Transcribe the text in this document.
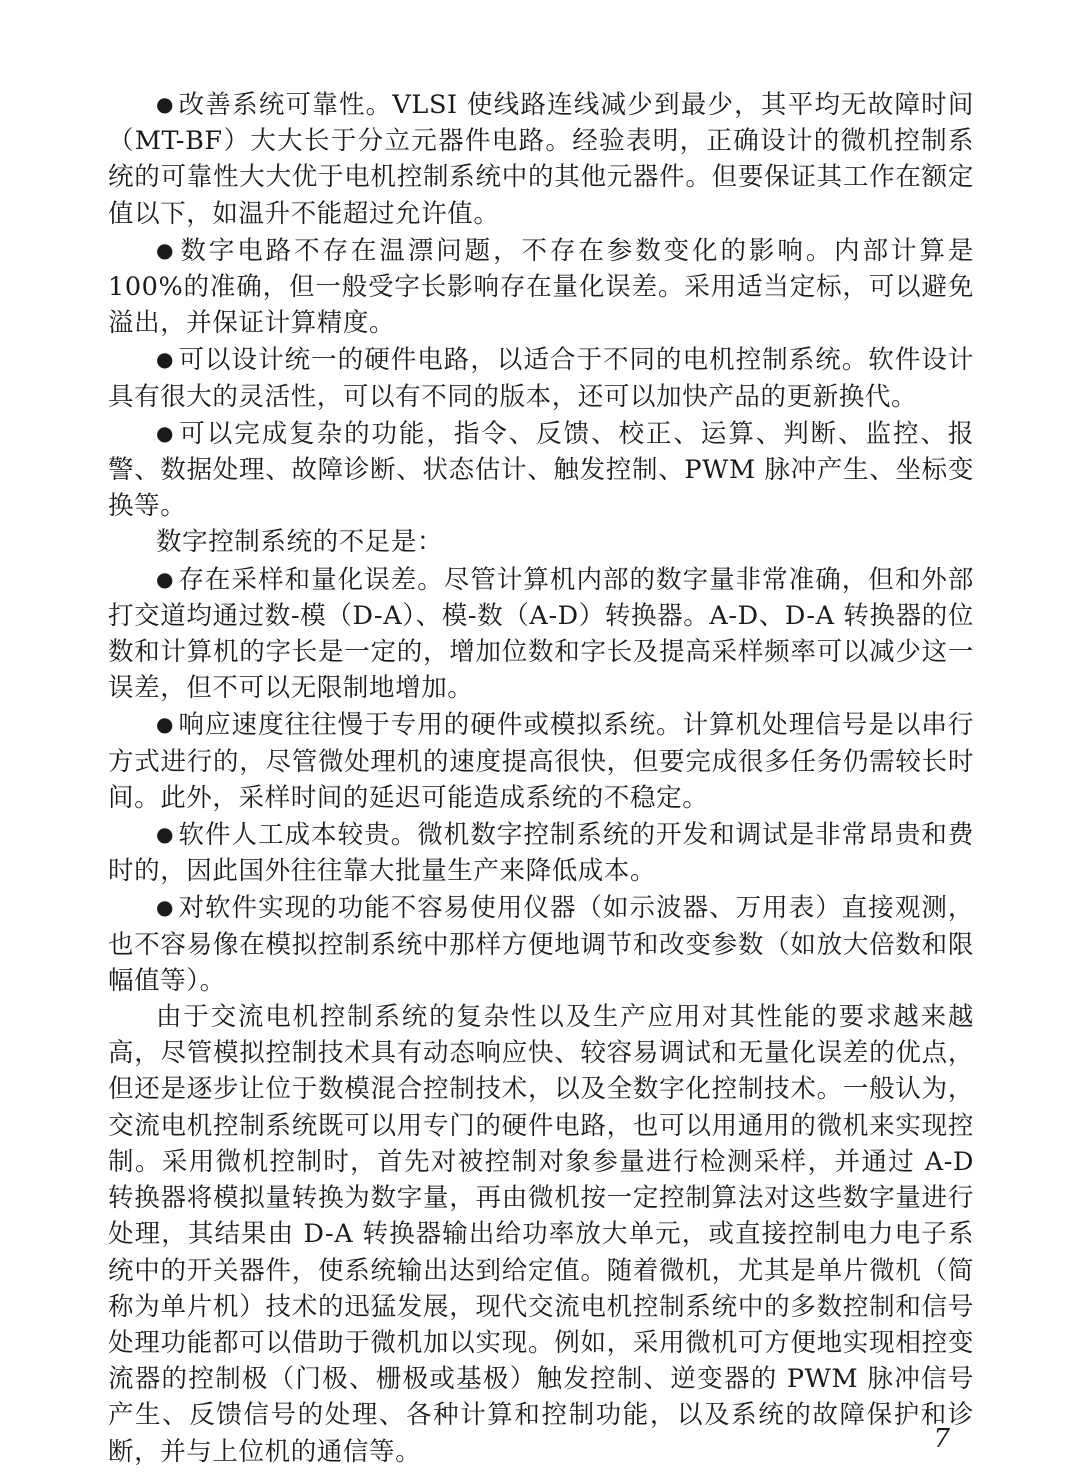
● 改善系统可靠性。VLSI 使线路连线减少到最少，其平均无故障时间（MT-BF）大大长于分立元器件电路。经验表明，正确设计的微机控制系统的可靠性大大优于电机控制系统中的其他元器件。但要保证其工作在额定值以下，如温升不能超过允许值。

● 数字电路不存在温漂问题，不存在参数变化的影响。内部计算是100%的准确，但一般受字长影响存在量化误差。采用适当定标，可以避免溢出，并保证计算精度。

● 可以设计统一的硬件电路，以适合于不同的电机控制系统。软件设计具有很大的灵活性，可以有不同的版本，还可以加快产品的更新换代。

● 可以完成复杂的功能，指令、反馈、校正、运算、判断、监控、报警、数据处理、故障诊断、状态估计、触发控制、PWM 脉冲产生、坐标变换等。

数字控制系统的不足是：

● 存在采样和量化误差。尽管计算机内部的数字量非常准确，但和外部打交道均通过数-模（D-A）、模-数（A-D）转换器。A-D、D-A 转换器的位数和计算机的字长是一定的，增加位数和字长及提高采样频率可以减少这一误差，但不可以无限制地增加。

● 响应速度往往慢于专用的硬件或模拟系统。计算机处理信号是以串行方式进行的，尽管微处理机的速度提高很快，但要完成很多任务仍需较长时间。此外，采样时间的延迟可能造成系统的不稳定。

● 软件人工成本较贵。微机数字控制系统的开发和调试是非常昂贵和费时的，因此国外往往靠大批量生产来降低成本。

● 对软件实现的功能不容易使用仪器（如示波器、万用表）直接观测，也不容易像在模拟控制系统中那样方便地调节和改变参数（如放大倍数和限幅值等）。

由于交流电机控制系统的复杂性以及生产应用对其性能的要求越来越高，尽管模拟控制技术具有动态响应快、较容易调试和无量化误差的优点，但还是逐步让位于数模混合控制技术，以及全数字化控制技术。一般认为，交流电机控制系统既可以用专门的硬件电路，也可以用通用的微机来实现控制。采用微机控制时，首先对被控制对象参量进行检测采样，并通过 A-D 转换器将模拟量转换为数字量，再由微机按一定控制算法对这些数字量进行处理，其结果由 D-A 转换器输出给功率放大单元，或直接控制电力电子系统中的开关器件，使系统输出达到给定值。随着微机，尤其是单片微机（简称为单片机）技术的迅猛发展，现代交流电机控制系统中的多数控制和信号处理功能都可以借助于微机加以实现。例如，采用微机可方便地实现相控变流器的控制极（门极、栅极或基极）触发控制、逆变器的 PWM 脉冲信号产生、反馈信号的处理、各种计算和控制功能，以及系统的故障保护和诊断，并与上位机的通信等。	7
